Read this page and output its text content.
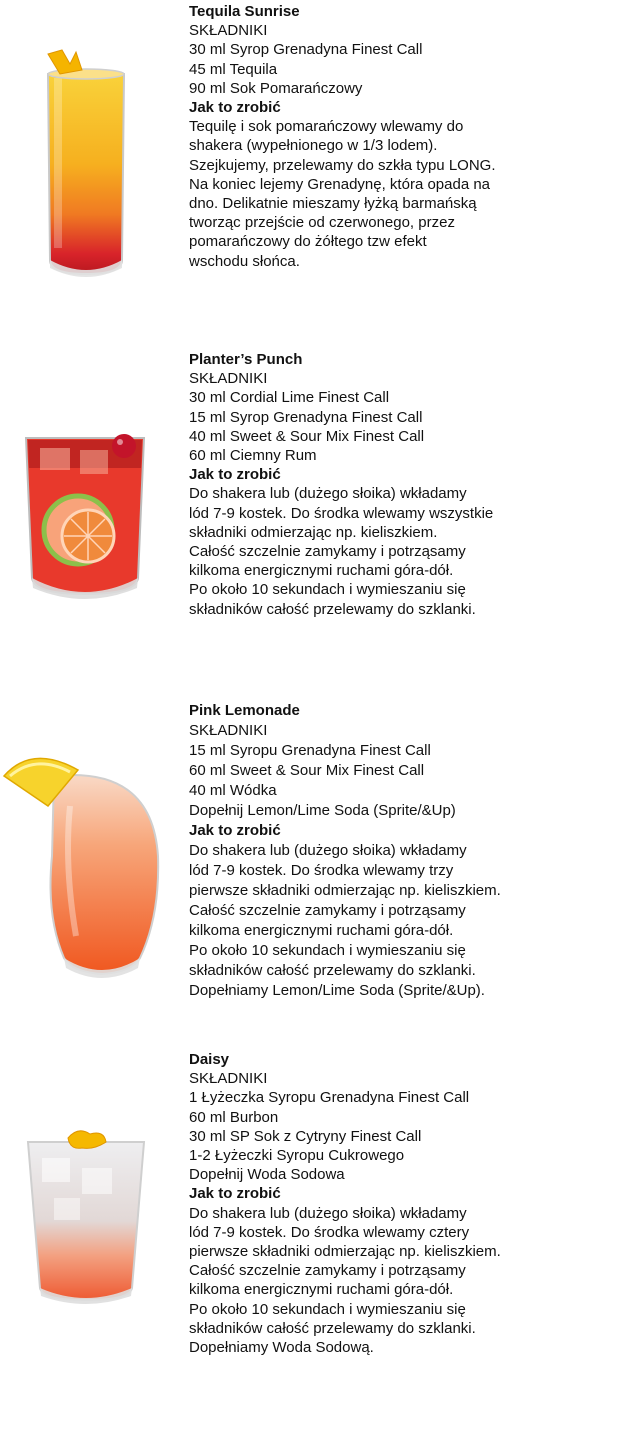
Tequila Sunrise
SKŁADNIKI
30 ml Syrop Grenadyna Finest Call
45 ml Tequila
90 ml Sok Pomarańczowy
Jak to zrobić
Tequilę i sok pomarańczowy wlewamy do
shakera (wypełnionego w 1/3 lodem).
Szejkujemy, przelewamy do szkła typu LONG.
Na koniec lejemy Grenadynę, która opada na
dno. Delikatnie mieszamy łyżką barmańską
tworząc przejście od czerwonego, przez
pomarańczowy do żółtego tzw efekt
wschodu słońca.
Planter’s Punch
SKŁADNIKI
30 ml Cordial Lime Finest Call
15 ml Syrop Grenadyna Finest Call
40 ml Sweet & Sour Mix Finest Call
60 ml Ciemny Rum
Jak to zrobić
Do shakera lub (dużego słoika) wkładamy
lód 7-9 kostek. Do środka wlewamy wszystkie
składniki odmierzając np. kieliszkiem.
Całość szczelnie zamykamy i potrząsamy
kilkoma energicznymi ruchami góra-dół.
Po około 10 sekundach i wymieszaniu się
składników całość przelewamy do szklanki.
Pink Lemonade
SKŁADNIKI
15 ml Syropu Grenadyna Finest Call
60 ml Sweet & Sour Mix Finest Call
40 ml Wódka
Dopełnij Lemon/Lime Soda (Sprite/&Up)
Jak to zrobić
Do shakera lub (dużego słoika) wkładamy
lód 7-9 kostek. Do środka wlewamy trzy
pierwsze składniki odmierzając np. kieliszkiem.
Całość szczelnie zamykamy i potrząsamy
kilkoma energicznymi ruchami góra-dół.
Po około 10 sekundach i wymieszaniu się
składników całość przelewamy do szklanki.
Dopełniamy Lemon/Lime Soda (Sprite/&Up).
Daisy
SKŁADNIKI
1 Łyżeczka Syropu Grenadyna Finest Call
60 ml Burbon
30 ml SP Sok z Cytryny Finest Call
1-2 Łyżeczki Syropu Cukrowego
Dopełnij Woda Sodowa
Jak to zrobić
Do shakera lub (dużego słoika) wkładamy
lód 7-9 kostek. Do środka wlewamy cztery
pierwsze składniki odmierzając np. kieliszkiem.
Całość szczelnie zamykamy i potrząsamy
kilkoma energicznymi ruchami góra-dół.
Po około 10 sekundach i wymieszaniu się
składników całość przelewamy do szklanki.
Dopełniamy Woda Sodową.
